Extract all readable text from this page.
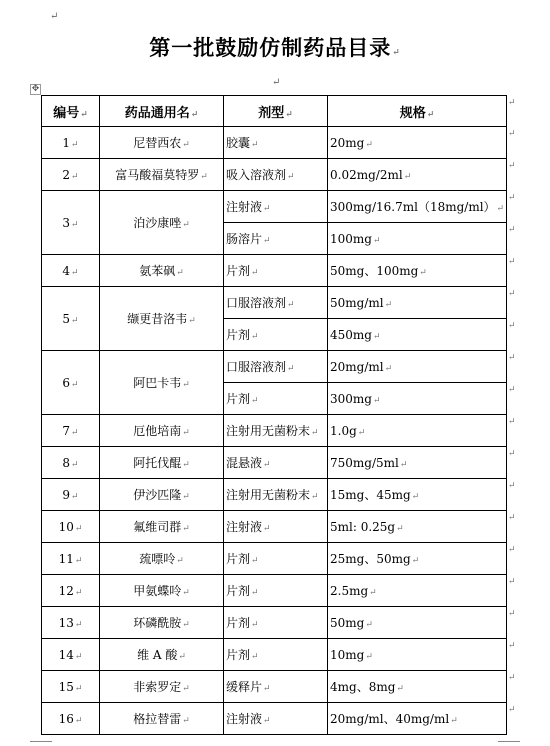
↵
第一批鼓励仿制药品目录↵
↵
✥
编号↵	药品通用名↵	剂型↵	规格↵
1↵	尼替西农↵	胶囊↵	20mg↵
2↵	富马酸福莫特罗↵	吸入溶液剂↵	0.02mg/2ml↵
3↵	泊沙康唑↵	注射液↵	300mg/16.7ml（18mg/ml）↵
		肠溶片↵	100mg↵
4↵	氨苯砜↵	片剂↵	50mg、100mg↵
5↵	缬更昔洛韦↵	口服溶液剂↵	50mg/ml↵
		片剂↵	450mg↵
6↵	阿巴卡韦↵	口服溶液剂↵	20mg/ml↵
		片剂↵	300mg↵
7↵	厄他培南↵	注射用无菌粉末↵	1.0g↵
8↵	阿托伐醌↵	混悬液↵	750mg/5ml↵
9↵	伊沙匹隆↵	注射用无菌粉末↵	15mg、45mg↵
10↵	氟维司群↵	注射液↵	5ml: 0.25g↵
11↵	巯嘌呤↵	片剂↵	25mg、50mg↵
12↵	甲氨蝶呤↵	片剂↵	2.5mg↵
13↵	环磷酰胺↵	片剂↵	50mg↵
14↵	维 A 酸↵	片剂↵	10mg↵
15↵	非索罗定↵	缓释片↵	4mg、8mg↵
16↵	格拉替雷↵	注射液↵	20mg/ml、40mg/ml↵
↵
↵
↵
↵
↵
↵
↵
↵
↵
↵
↵
↵
↵
↵
↵
↵
↵
↵
↵
↵
